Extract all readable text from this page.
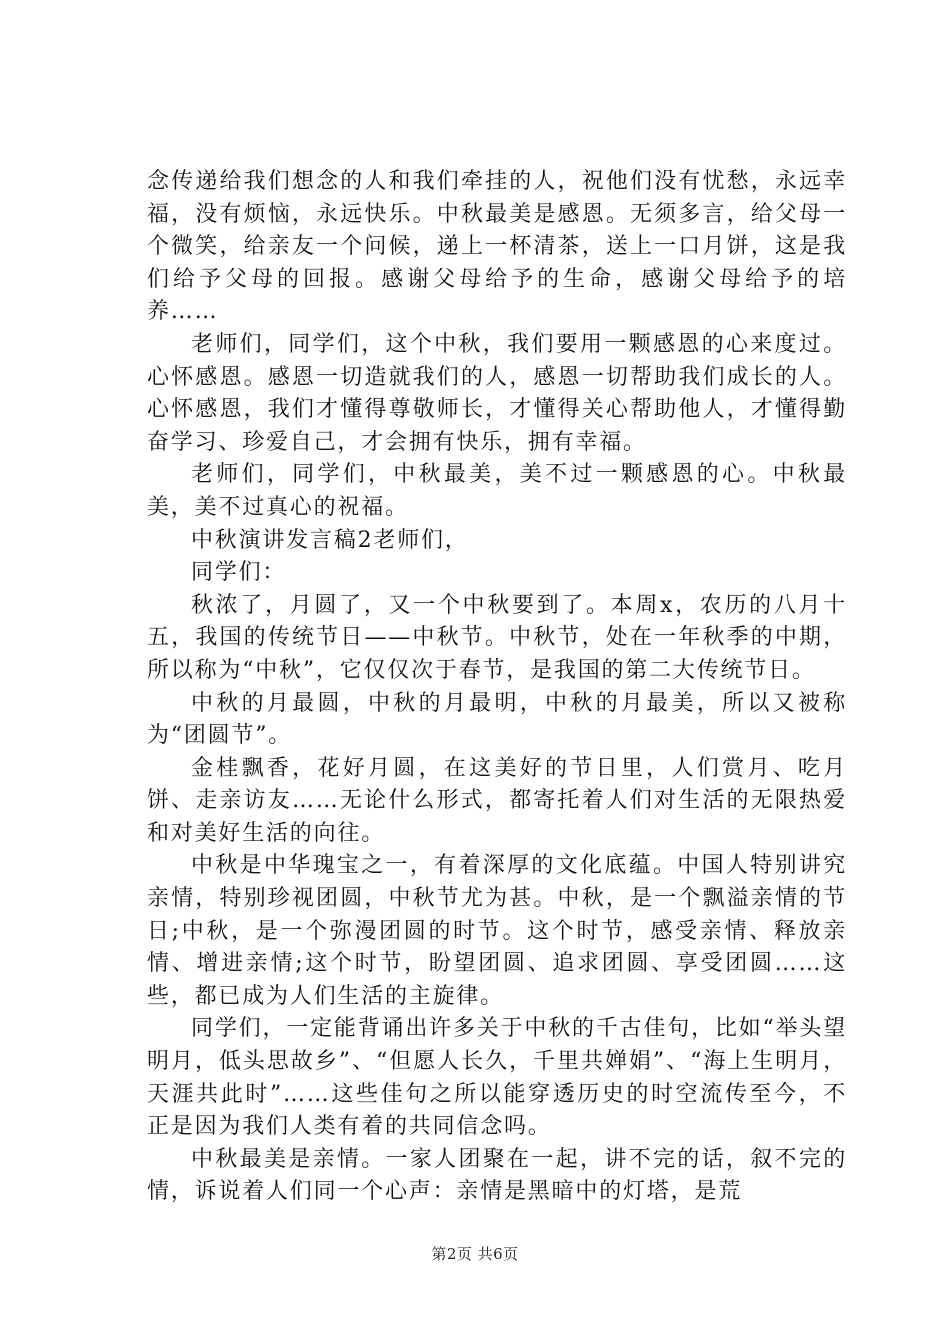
念传递给我们想念的人和我们牵挂的人，祝他们没有忧愁，永远幸福，没有烦恼，永远快乐。中秋最美是感恩。无须多言，给父母一个微笑，给亲友一个问候，递上一杯清茶，送上一口月饼，这是我们给予父母的回报。感谢父母给予的生命，感谢父母给予的培养……

老师们，同学们，这个中秋，我们要用一颗感恩的心来度过。心怀感恩。感恩一切造就我们的人，感恩一切帮助我们成长的人。心怀感恩，我们才懂得尊敬师长，才懂得关心帮助他人，才懂得勤奋学习、珍爱自己，才会拥有快乐，拥有幸福。

老师们，同学们，中秋最美，美不过一颗感恩的心。中秋最美，美不过真心的祝福。

中秋演讲发言稿2老师们，

同学们：

秋浓了，月圆了，又一个中秋要到了。本周x，农历的八月十五，我国的传统节日——中秋节。中秋节，处在一年秋季的中期，所以称为“中秋”，它仅仅次于春节，是我国的第二大传统节日。

中秋的月最圆，中秋的月最明，中秋的月最美，所以又被称为“团圆节”。

金桂飘香，花好月圆，在这美好的节日里，人们赏月、吃月饼、走亲访友……无论什么形式，都寄托着人们对生活的无限热爱和对美好生活的向往。

中秋是中华瑰宝之一，有着深厚的文化底蕴。中国人特别讲究亲情，特别珍视团圆，中秋节尤为甚。中秋，是一个飘溢亲情的节日;中秋，是一个弥漫团圆的时节。这个时节，感受亲情、释放亲情、增进亲情;这个时节，盼望团圆、追求团圆、享受团圆……这些，都已成为人们生活的主旋律。

同学们，一定能背诵出许多关于中秋的千古佳句，比如“举头望明月，低头思故乡”、“但愿人长久，千里共婵娟”、“海上生明月，天涯共此时”……这些佳句之所以能穿透历史的时空流传至今，不正是因为我们人类有着的共同信念吗。

中秋最美是亲情。一家人团聚在一起，讲不完的话，叙不完的情，诉说着人们同一个心声：亲情是黑暗中的灯塔，是荒

第2页 共6页
